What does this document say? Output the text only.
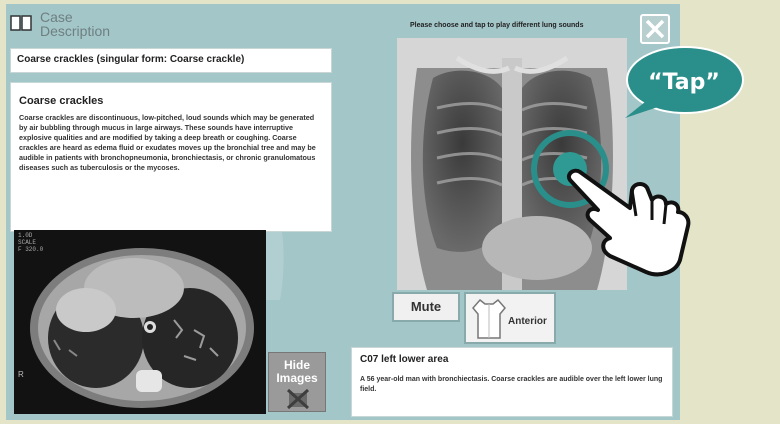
Case
Description
Coarse crackles (singular form: Coarse crackle)
Coarse crackles
Coarse crackles are discontinuous, low-pitched, loud sounds which may be generated by air bubbling through mucus in large airways. These sounds have interruptive explosive qualities and are modified by taking a deep breath or coughing. Coarse crackles are heard as edema fluid or exudates moves up the bronchial tree and may be audible in patients with bronchopneumonia, bronchiectasis, or chronic granulomatous diseases such as tuberculosis or the mycoses.
1.0D
SCALE
F 320.0
R
Hide
Images
Please choose and tap to play different lung sounds
“Tap”
Mute
Anterior
C07 left lower area
A 56 year-old man with bronchiectasis. Coarse crackles are audible over the left lower lung field.
